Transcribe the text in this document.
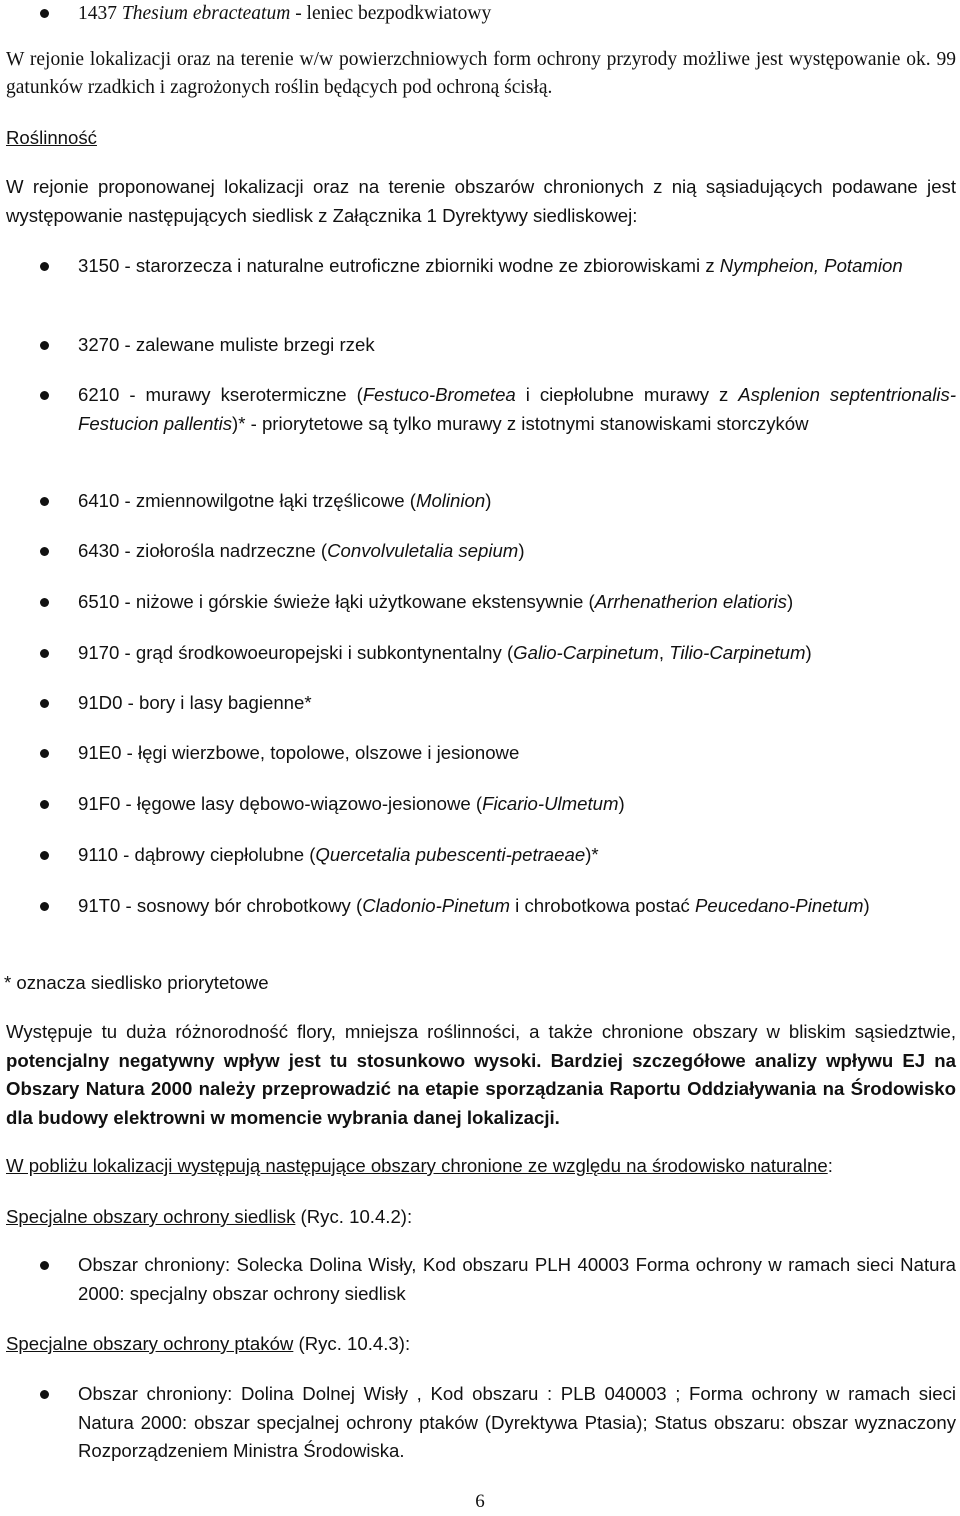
1437 Thesium ebracteatum - leniec bezpodkwiatowy
W rejonie lokalizacji oraz na terenie w/w powierzchniowych form ochrony przyrody możliwe jest występowanie ok. 99 gatunków rzadkich i zagrożonych roślin będących pod ochroną ścisłą.
Roślinność
W rejonie proponowanej lokalizacji oraz na terenie obszarów chronionych z nią sąsiadujących podawane jest występowanie następujących siedlisk z Załącznika 1 Dyrektywy siedliskowej:
3150 - starorzecza i naturalne eutroficzne zbiorniki wodne ze zbiorowiskami z Nympheion, Potamion
3270 - zalewane muliste brzegi rzek
6210 - murawy kserotermiczne (Festuco-Brometea i ciepłolubne murawy z Asplenion septentrionalis-Festucion pallentis)* - priorytetowe są tylko murawy z istotnymi stanowiskami storczyków
6410 - zmiennowilgotne łąki trzęślicowe (Molinion)
6430 - ziołorośla nadrzeczne (Convolvuletalia sepium)
6510 - niżowe i górskie świeże łąki użytkowane ekstensywnie (Arrhenatherion elatioris)
9170 - grąd środkowoeuropejski i subkontynentalny (Galio-Carpinetum, Tilio-Carpinetum)
91D0 - bory i lasy bagienne*
91E0 - łęgi wierzbowe, topolowe, olszowe i jesionowe
91F0 - łęgowe lasy dębowo-wiązowo-jesionowe (Ficario-Ulmetum)
9110 - dąbrowy ciepłolubne (Quercetalia pubescenti-petraeae)*
91T0 - sosnowy bór chrobotkowy (Cladonio-Pinetum i chrobotkowa postać Peucedano-Pinetum)
* oznacza siedlisko priorytetowe
Występuje tu duża różnorodność flory, mniejsza roślinności, a także chronione obszary w bliskim sąsiedztwie, potencjalny negatywny wpływ jest tu stosunkowo wysoki. Bardziej szczegółowe analizy wpływu EJ na Obszary Natura 2000 należy przeprowadzić na etapie sporządzania Raportu Oddziaływania na Środowisko dla budowy elektrowni w momencie wybrania danej lokalizacji.
W pobliżu lokalizacji występują następujące obszary chronione ze względu na środowisko naturalne:
Specjalne obszary ochrony siedlisk (Ryc. 10.4.2):
Obszar chroniony: Solecka Dolina Wisły, Kod obszaru PLH 40003 Forma ochrony w ramach sieci Natura 2000: specjalny obszar ochrony siedlisk
Specjalne obszary ochrony ptaków (Ryc. 10.4.3):
Obszar chroniony: Dolina Dolnej Wisły , Kod obszaru : PLB 040003 ; Forma ochrony w ramach sieci Natura 2000: obszar specjalnej ochrony ptaków (Dyrektywa Ptasia); Status obszaru: obszar wyznaczony Rozporządzeniem Ministra Środowiska.
6
